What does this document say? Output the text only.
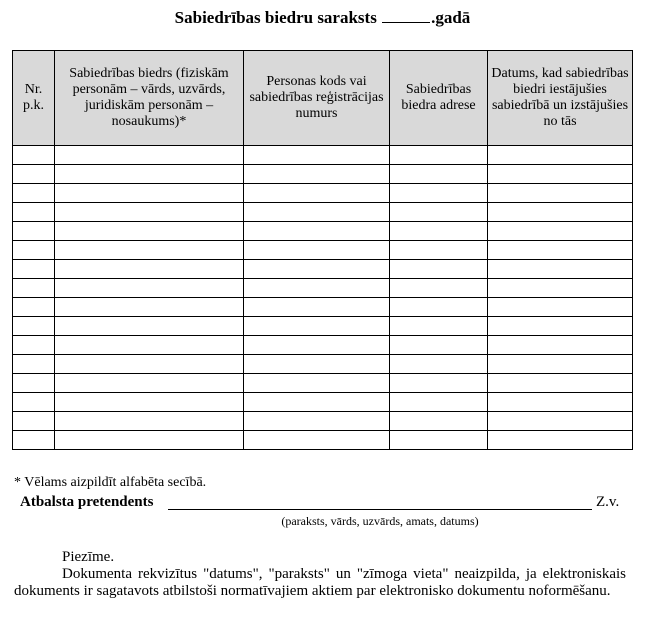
Sabiedrības biedru saraksts	.gadā
Nr. p.k.	Sabiedrības biedrs (fiziskām personām – vārds, uzvārds, juridiskām personām – nosaukums)*	Personas kods vai sabiedrības reģistrācijas numurs	Sabiedrības biedra adrese	Datums, kad sabiedrības biedri iestājušies sabiedrībā un izstājušies no tās

* Vēlams aizpildīt alfabēta secībā.
Atbalsta pretendents	Z.v.
(paraksts, vārds, uzvārds, amats, datums)
Piezīme.
Dokumenta rekvizītus "datums", "paraksts" un "zīmoga vieta" neaizpilda, ja elektroniskais dokuments ir sagatavots atbilstoši normatīvajiem aktiem par elektronisko dokumentu noformēšanu.
